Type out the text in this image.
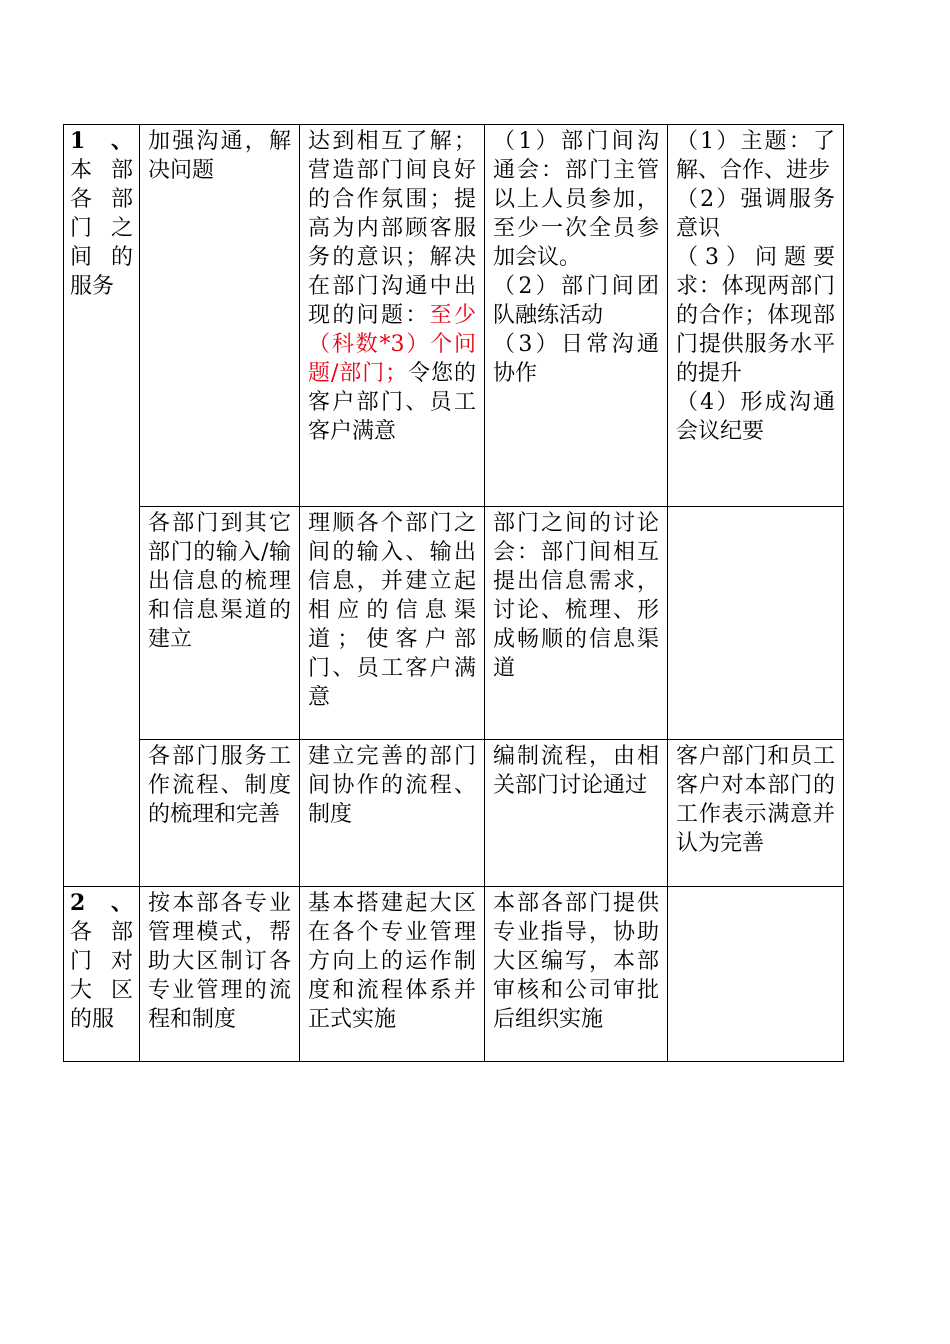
1 、本部各部门之间的服务	加强沟通，解决问题	达到相互了解；营造部门间良好的合作氛围；提高为内部顾客服务的意识；解决在部门沟通中出现的问题：至少（科数*3）个问题/部门；令您的客户部门、员工客户满意	（1）部门间沟通会：部门主管以上人员参加，至少一次全员参加会议。
（2）部门间团队融练活动
（3）日常沟通协作	（1）主题：了解、合作、进步
（2）强调服务意识
（3）问题要求：体现两部门的合作；体现部门提供服务水平的提升
（4）形成沟通会议纪要

	各部门到其它部门的输入/输出信息的梳理和信息渠道的建立	理顺各个部门之间的输入、输出信息，并建立起相应的信息渠道；使客户部门、员工客户满意	部门之间的讨论会：部门间相互提出信息需求，讨论、梳理、形成畅顺的信息渠道	
	各部门服务工作流程、制度的梳理和完善	建立完善的部门间协作的流程、制度	编制流程，由相关部门讨论通过	客户部门和员工客户对本部门的工作表示满意并认为完善
2 、各部门对大区的服	按本部各专业管理模式，帮助大区制订各专业管理的流程和制度	基本搭建起大区在各个专业管理方向上的运作制度和流程体系并正式实施	本部各部门提供专业指导，协助大区编写，本部审核和公司审批后组织实施	
